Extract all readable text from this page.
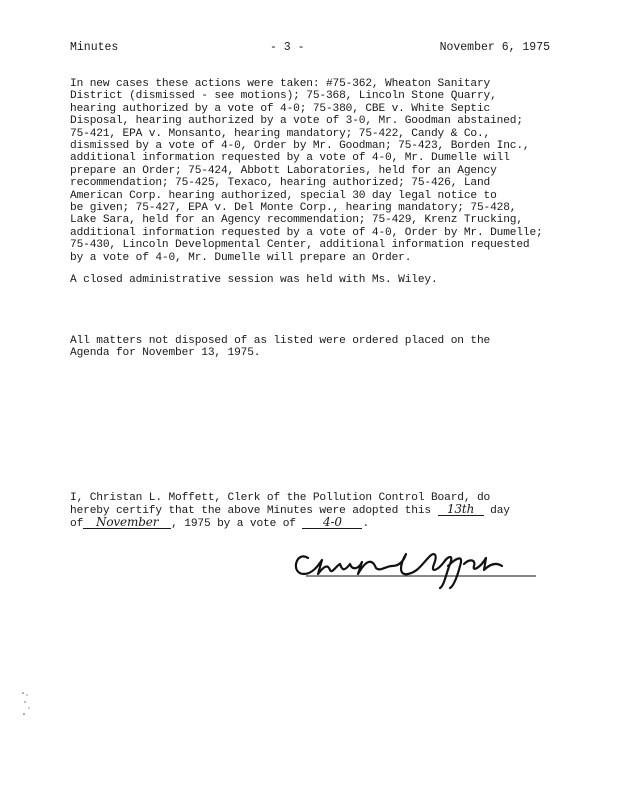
Minutes	- 3 -	November 6, 1975

In new cases these actions were taken: #75-362, Wheaton Sanitary
District (dismissed - see motions); 75-368, Lincoln Stone Quarry,
hearing authorized by a vote of 4-0; 75-380, CBE v. White Septic
Disposal, hearing authorized by a vote of 3-0, Mr. Goodman abstained;
75-421, EPA v. Monsanto, hearing mandatory; 75-422, Candy & Co.,
dismissed by a vote of 4-0, Order by Mr. Goodman; 75-423, Borden Inc.,
additional information requested by a vote of 4-0, Mr. Dumelle will
prepare an Order; 75-424, Abbott Laboratories, held for an Agency
recommendation; 75-425, Texaco, hearing authorized; 75-426, Land
American Corp. hearing authorized, special 30 day legal notice to
be given; 75-427, EPA v. Del Monte Corp., hearing mandatory; 75-428,
Lake Sara, held for an Agency recommendation; 75-429, Krenz Trucking,
additional information requested by a vote of 4-0, Order by Mr. Dumelle;
75-430, Lincoln Developmental Center, additional information requested
by a vote of 4-0, Mr. Dumelle will prepare an Order.

A closed administrative session was held with Ms. Wiley.

All matters not disposed of as listed were ordered placed on the
Agenda for November 13, 1975.

I, Christan L. Moffett, Clerk of the Pollution Control Board, do
hereby certify that the above Minutes were adopted this 13th day
of November , 1975 by a vote of 4-0 .
